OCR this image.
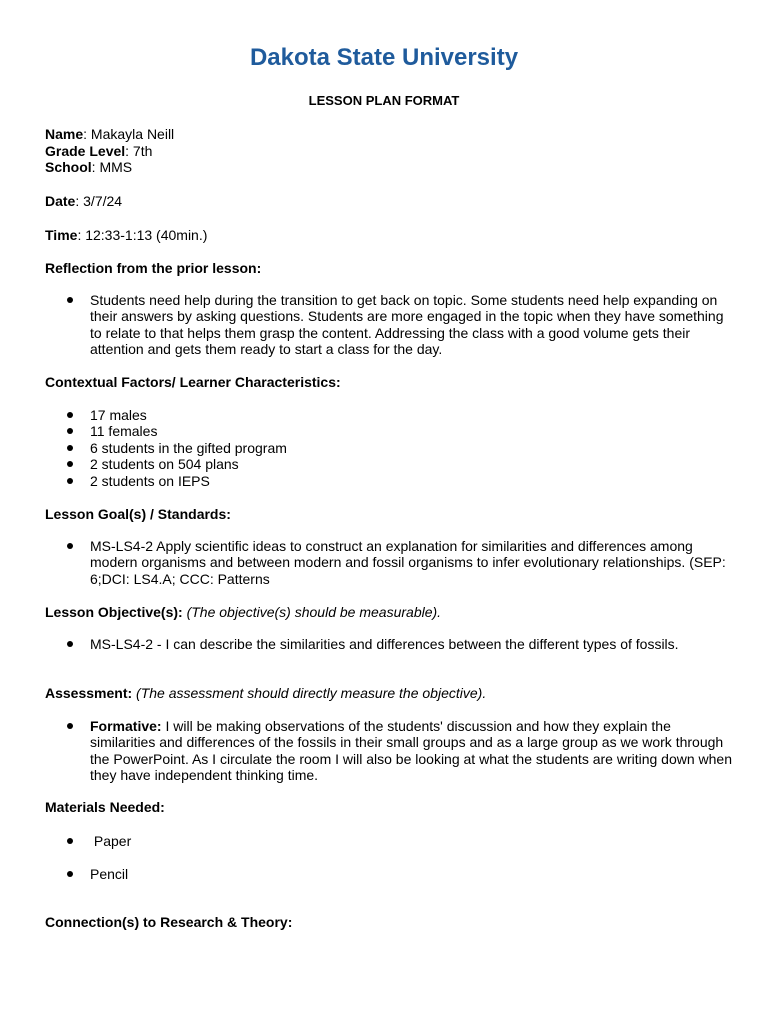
Dakota State University
LESSON PLAN FORMAT
Name: Makayla Neill
Grade Level: 7th
School: MMS
Date: 3/7/24
Time: 12:33-1:13 (40min.)
Reflection from the prior lesson:
Students need help during the transition to get back on topic. Some students need help expanding on their answers by asking questions. Students are more engaged in the topic when they have something to relate to that helps them grasp the content. Addressing the class with a good volume gets their attention and gets them ready to start a class for the day.
Contextual Factors/ Learner Characteristics:
17 males
11 females
6 students in the gifted program
2 students on 504 plans
2 students on IEPS
Lesson Goal(s) / Standards:
MS-LS4-2 Apply scientific ideas to construct an explanation for similarities and differences among modern organisms and between modern and fossil organisms to infer evolutionary relationships. (SEP: 6;DCI: LS4.A; CCC: Patterns
Lesson Objective(s): (The objective(s) should be measurable).
MS-LS4-2 - I can describe the similarities and differences between the different types of fossils.
Assessment: (The assessment should directly measure the objective).
Formative: I will be making observations of the students' discussion and how they explain the similarities and differences of the fossils in their small groups and as a large group as we work through the PowerPoint. As I circulate the room I will also be looking at what the students are writing down when they have independent thinking time.
Materials Needed:
Paper
Pencil
Connection(s) to Research & Theory:
